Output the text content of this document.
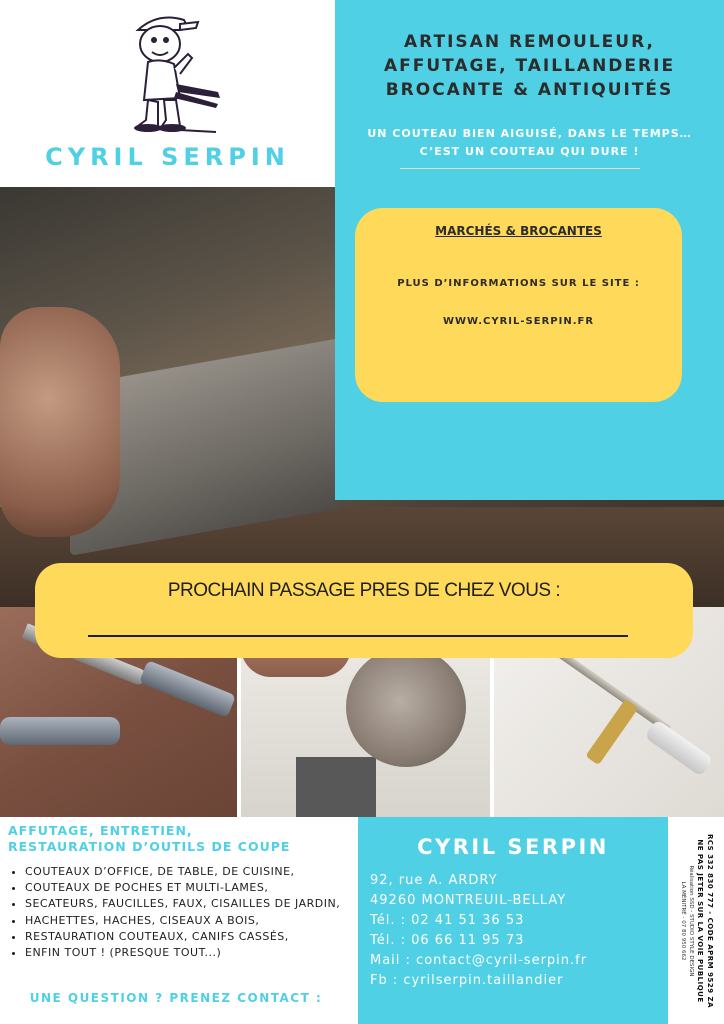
CYRIL SERPIN
ARTISAN REMOULEUR,
AFFUTAGE, TAILLANDERIE
BROCANTE & ANTIQUITÉS
UN COUTEAU BIEN AIGUISÉ, DANS LE TEMPS…
C’EST UN COUTEAU QUI DURE !
MARCHÉS & BROCANTES
PLUS D’INFORMATIONS SUR LE SITE :
WWW.CYRIL-SERPIN.FR
PROCHAIN PASSAGE PRES DE CHEZ VOUS :
AFFUTAGE, ENTRETIEN,
RESTAURATION D’OUTILS DE COUPE
• COUTEAUX D’OFFICE, DE TABLE, DE CUISINE,
• COUTEAUX DE POCHES ET MULTI-LAMES,
• SECATEURS, FAUCILLES, FAUX, CISAILLES DE JARDIN,
• HACHETTES, HACHES, CISEAUX A BOIS,
• RESTAURATION COUTEAUX, CANIFS CASSÉS,
• ENFIN TOUT ! (PRESQUE TOUT...)
UNE QUESTION ? PRENEZ CONTACT :
CYRIL SERPIN
92, rue A. ARDRY
49260 MONTREUIL-BELLAY
Tél. : 02 41 51 36 53
Tél. : 06 66 11 95 73
Mail : contact@cyril-serpin.fr
Fb : cyrilserpin.taillandier	RCS 332 830 777 - CODE APRM 9529 ZA
NE PAS JETER SUR LA VOIE PUBLIQUE
Réalisation SSD - STUDIO STYLE DESIGN
LA MÉNITRÉ - 07 80 950 662
